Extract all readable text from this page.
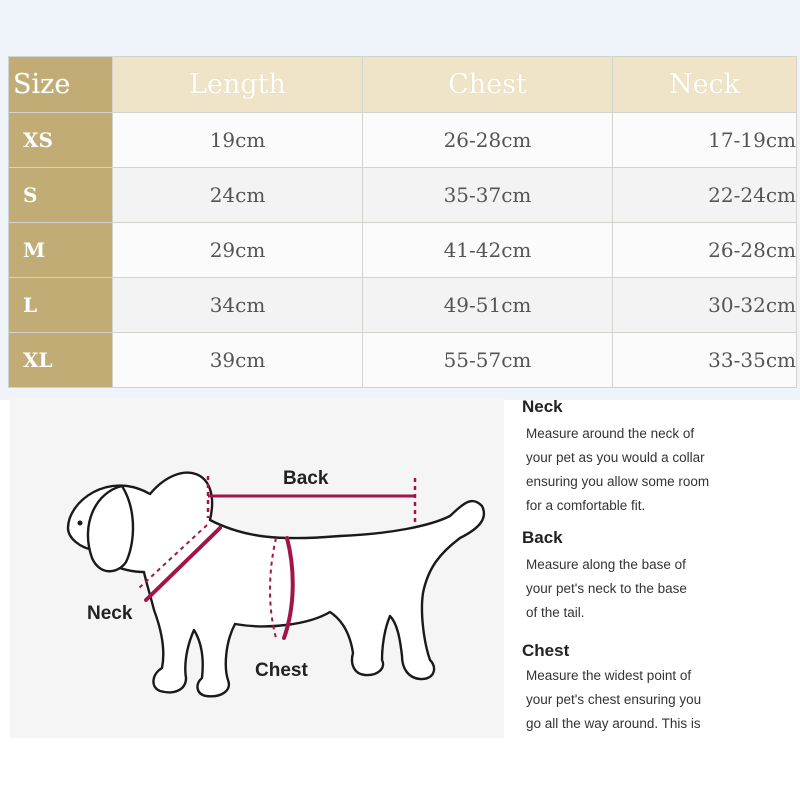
Size	Length	Chest	Neck
XS	19cm	26-28cm	17-19cm
S	24cm	35-37cm	22-24cm
M	29cm	41-42cm	26-28cm
L	34cm	49-51cm	30-32cm
XL	39cm	55-57cm	33-35cm
Back
Neck
Chest
Neck

Measure around the neck of
your pet as you would a collar
ensuring you allow some room
for a comfortable fit.

Back

Measure along the base of
your pet's neck to the base
of the tail.

Chest

Measure the widest point of
your pet's chest ensuring you
go all the way around. This is
